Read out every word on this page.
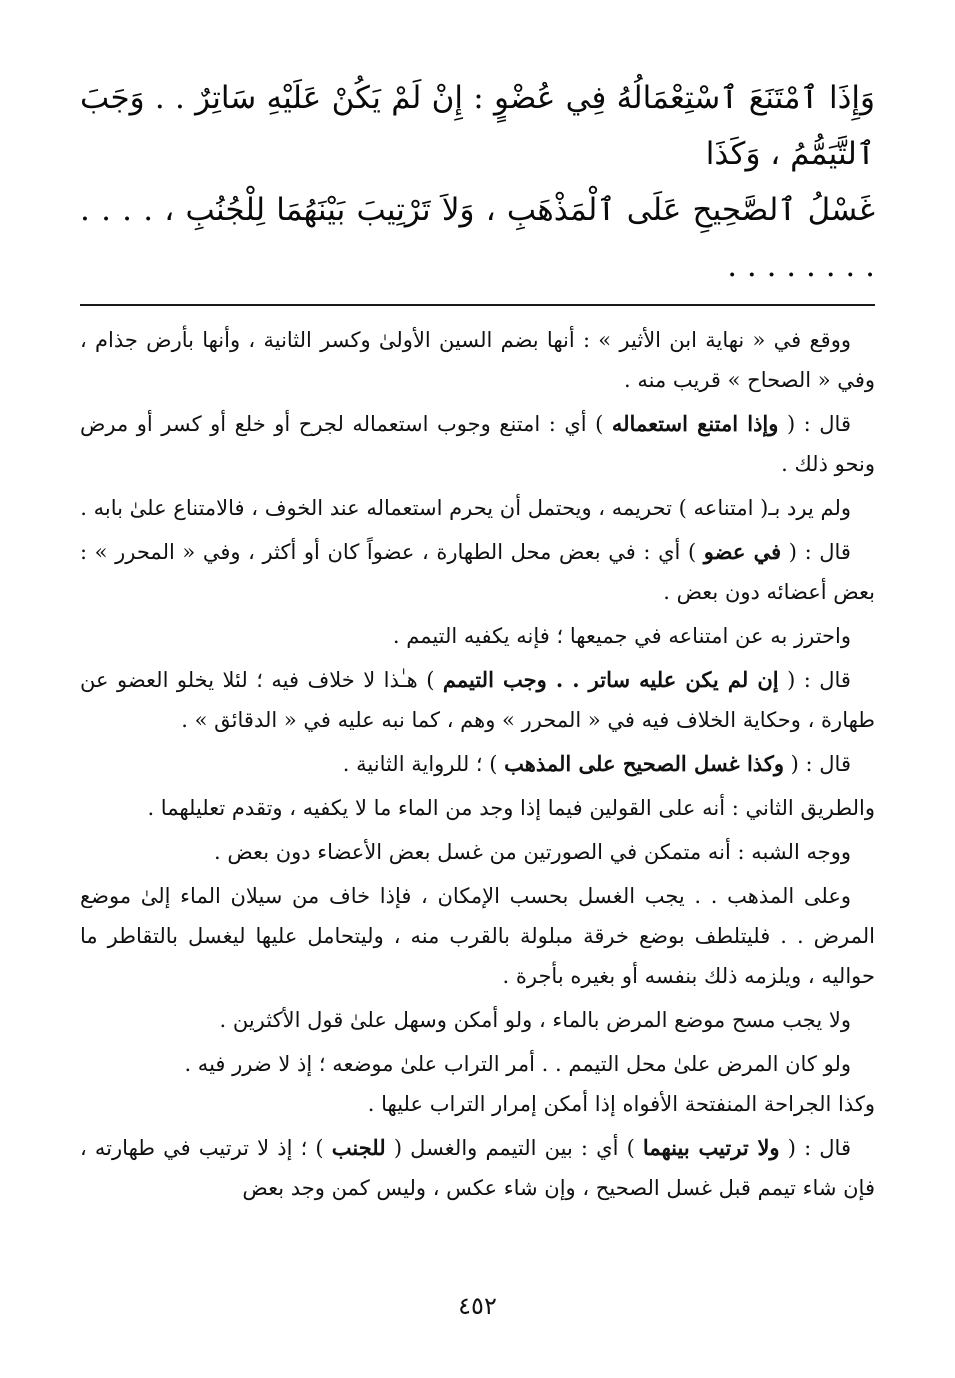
وَإِذَا ٱمْتَنَعَ ٱسْتِعْمَالُهُ فِي عُضْوٍ : إِنْ لَمْ يَكُنْ عَلَيْهِ سَاتِرٌ . . وَجَبَ ٱلتَّيَمُّمُ ، وَكَذَا
غَسْلُ ٱلصَّحِيحِ عَلَى ٱلْمَذْهَبِ ، وَلاَ تَرْتِيبَ بَيْنَهُمَا لِلْجُنُبِ ، . . . . . . . . . . . .

ووقع في « نهاية ابن الأثير » : أنها بضم السين الأولىٰ وكسر الثانية ، وأنها بأرض جذام ، وفي « الصحاح » قريب منه .

قال : ( وإذا امتنع استعماله ) أي : امتنع وجوب استعماله لجرح أو خلع أو كسر أو مرض ونحو ذلك .

ولم يرد بـ( امتناعه ) تحريمه ، ويحتمل أن يحرم استعماله عند الخوف ، فالامتناع علىٰ بابه .

قال : ( في عضو ) أي : في بعض محل الطهارة ، عضواً كان أو أكثر ، وفي « المحرر » : بعض أعضائه دون بعض .

واحترز به عن امتناعه في جميعها ؛ فإنه يكفيه التيمم .

قال : ( إن لم يكن عليه ساتر . . وجب التيمم ) هـٰذا لا خلاف فيه ؛ لئلا يخلو العضو عن طهارة ، وحكاية الخلاف فيه في « المحرر » وهم ، كما نبه عليه في « الدقائق » .

قال : ( وكذا غسل الصحيح على المذهب ) ؛ للرواية الثانية .

والطريق الثاني : أنه على القولين فيما إذا وجد من الماء ما لا يكفيه ، وتقدم تعليلهما .

ووجه الشبه : أنه متمكن في الصورتين من غسل بعض الأعضاء دون بعض .

وعلى المذهب . . يجب الغسل بحسب الإمكان ، فإذا خاف من سيلان الماء إلىٰ موضع المرض . . فليتلطف بوضع خرقة مبلولة بالقرب منه ، وليتحامل عليها ليغسل بالتقاطر ما حواليه ، ويلزمه ذلك بنفسه أو بغيره بأجرة .

ولا يجب مسح موضع المرض بالماء ، ولو أمكن وسهل علىٰ قول الأكثرين .

ولو كان المرض علىٰ محل التيمم . . أمر التراب علىٰ موضعه ؛ إذ لا ضرر فيه .

وكذا الجراحة المنفتحة الأفواه إذا أمكن إمرار التراب عليها .

قال : ( ولا ترتيب بينهما ) أي : بين التيمم والغسل ( للجنب ) ؛ إذ لا ترتيب في طهارته ، فإن شاء تيمم قبل غسل الصحيح ، وإن شاء عكس ، وليس كمن وجد بعض

٤٥٢
